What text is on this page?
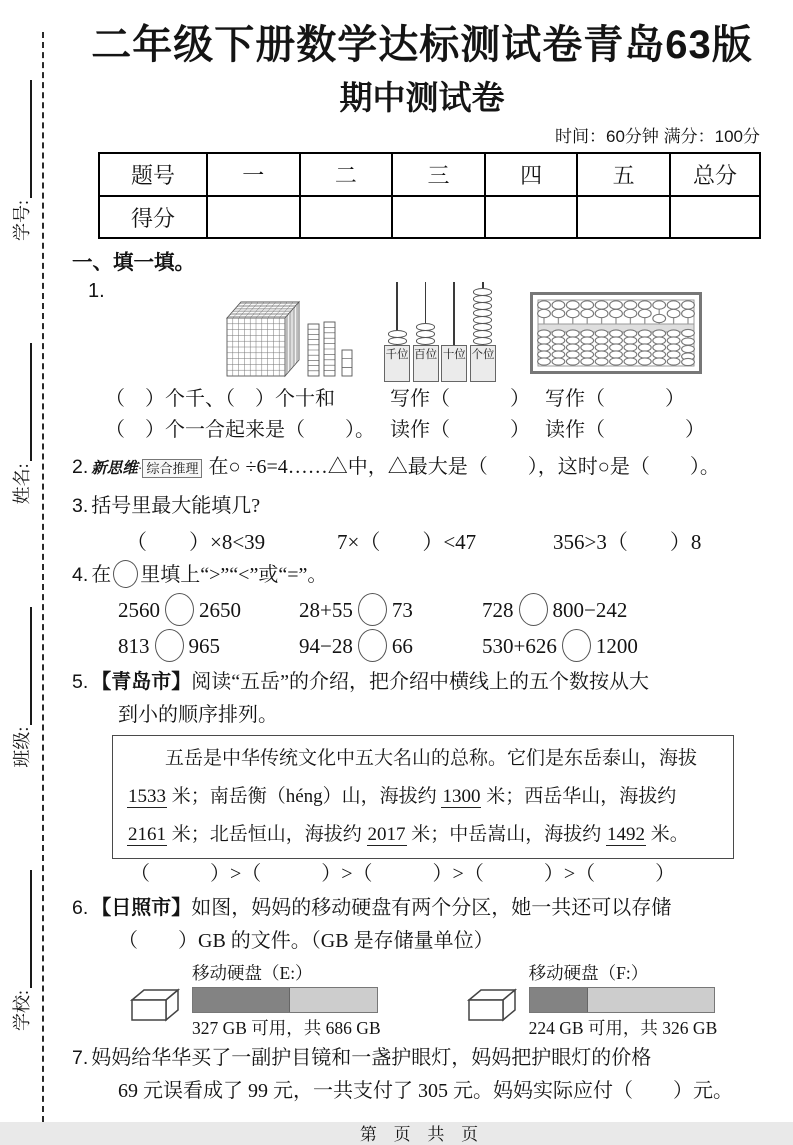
学校:
班级:
姓名:
学号:
二年级下册数学达标测试卷青岛63版
期中测试卷
时间：60分钟 满分：100分
题号	一	二	三	四	五	总分
得分						
一、填一填。
1.
千位 百位 十位 个位
（　）个千、（　）个十和	写作（　　　） 写作（　　　）
（　）个一合起来是（　　）。 读作（　　　） 读作（　　　　）
2. 新思维· 综合推理 在○ ÷6=4……△中，△最大是（　　），这时○是（　　）。
3. 括号里最大能填几?
（　　）×8<39	7×（　　）<47	356>3（　　）8
4. 在 里填上“>”“<”或“=”。
2560 2650	28+55 73	728 800−242
813 965	94−28 66	530+626 1200
5. 【青岛市】阅读“五岳”的介绍，把介绍中横线上的五个数按从大
到小的顺序排列。
五岳是中华传统文化中五大名山的总称。它们是东岳泰山，海拔1533 米；南岳衡（héng）山，海拔约 1300 米；西岳华山，海拔约 2161 米；北岳恒山，海拔约 2017 米；中岳嵩山，海拔约 1492 米。
（　　　）>（　　　）>（　　　）>（　　　）>（　　　）
6. 【日照市】如图，妈妈的移动硬盘有两个分区，她一共还可以存储
（　　）GB 的文件。（GB 是存储量单位）
移动硬盘（E:）
327 GB 可用，共 686 GB
移动硬盘（F:）
224 GB 可用，共 326 GB
7. 妈妈给华华买了一副护目镜和一盏护眼灯，妈妈把护眼灯的价格
69 元误看成了 99 元，一共支付了 305 元。妈妈实际应付（　　）元。
第 页 共 页
